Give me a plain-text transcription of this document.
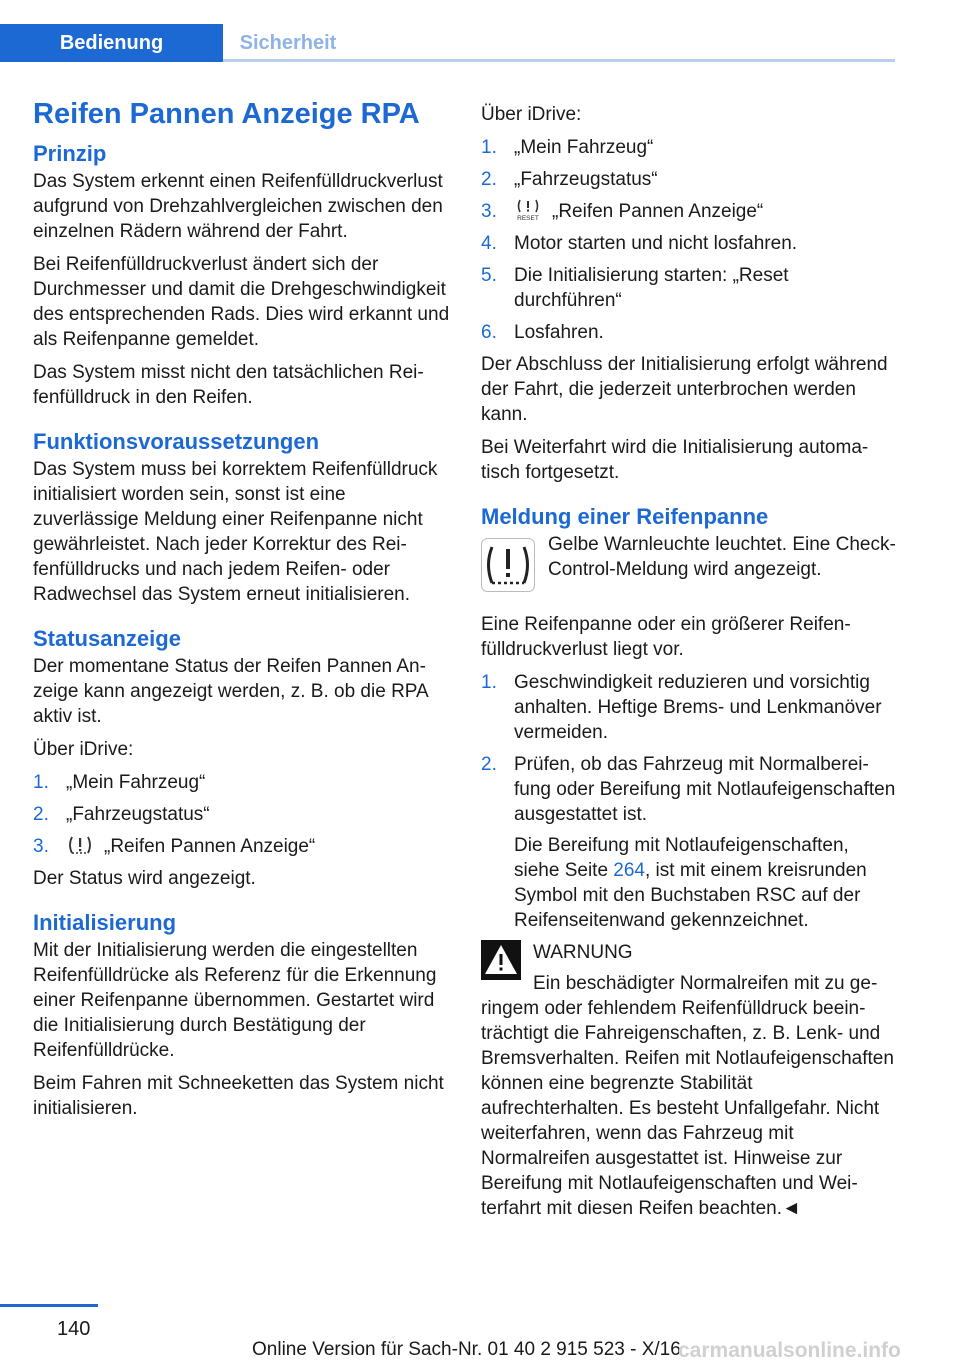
Bedienung	Sicherheit
Reifen Pannen Anzeige RPA
Prinzip

Das System erkennt einen Reifenfülldruckverlust aufgrund von Drehzahlvergleichen zwischen den einzelnen Rädern während der Fahrt.

Bei Reifenfülldruckverlust ändert sich der Durchmesser und damit die Drehgeschwindigkeit des entsprechenden Rads. Dies wird erkannt und als Reifenpanne gemeldet.

Das System misst nicht den tatsächlichen Reifenfülldruck in den Reifen.

Funktionsvoraussetzungen

Das System muss bei korrektem Reifenfülldruck initialisiert worden sein, sonst ist eine zuverlässige Meldung einer Reifenpanne nicht gewährleistet. Nach jeder Korrektur des Reifenfülldrucks und nach jedem Reifen- oder Radwechsel das System erneut initialisieren.

Statusanzeige

Der momentane Status der Reifen Pannen Anzeige kann angezeigt werden, z. B. ob die RPA aktiv ist.

Über iDrive:

1. „Mein Fahrzeug“
2. „Fahrzeugstatus“
3.	„Reifen Pannen Anzeige“

Der Status wird angezeigt.

Initialisierung

Mit der Initialisierung werden die eingestellten Reifenfülldrücke als Referenz für die Erkennung einer Reifenpanne übernommen. Gestartet wird die Initialisierung durch Bestätigung der Reifenfülldrücke.

Beim Fahren mit Schneeketten das System nicht initialisieren.

Über iDrive:

1. „Mein Fahrzeug“
2. „Fahrzeugstatus“
3.	RESET „Reifen Pannen Anzeige“
4. Motor starten und nicht losfahren.
5. Die Initialisierung starten: „Reset durchführen“
6. Losfahren.

Der Abschluss der Initialisierung erfolgt während der Fahrt, die jederzeit unterbrochen werden kann.

Bei Weiterfahrt wird die Initialisierung automatisch fortgesetzt.

Meldung einer Reifenpanne
Gelbe Warnleuchte leuchtet. Eine Check-Control-Meldung wird angezeigt.

Eine Reifenpanne oder ein größerer Reifenfülldruckverlust liegt vor.

1. Geschwindigkeit reduzieren und vorsichtig anhalten. Heftige Brems- und Lenkmanöver vermeiden.
2. Prüfen, ob das Fahrzeug mit Normalbereifung oder Bereifung mit Notlaufeigenschaften ausgestattet ist.
Die Bereifung mit Notlaufeigenschaften, siehe Seite 264, ist mit einem kreisrunden Symbol mit den Buchstaben RSC auf der Reifenseitenwand gekennzeichnet.
WARNUNG
Ein beschädigter Normalreifen mit zu geringem oder fehlendem Reifenfülldruck beeinträchtigt die Fahreigenschaften, z. B. Lenk- und Bremsverhalten. Reifen mit Notlaufeigenschaften können eine begrenzte Stabilität aufrechterhalten. Es besteht Unfallgefahr. Nicht weiterfahren, wenn das Fahrzeug mit Normalreifen ausgestattet ist. Hinweise zur Bereifung mit Notlaufeigenschaften und Weiterfahrt mit diesen Reifen beachten.◄
140
Online Version für Sach-Nr. 01 40 2 915 523 - X/16
carmanualsonline.info
